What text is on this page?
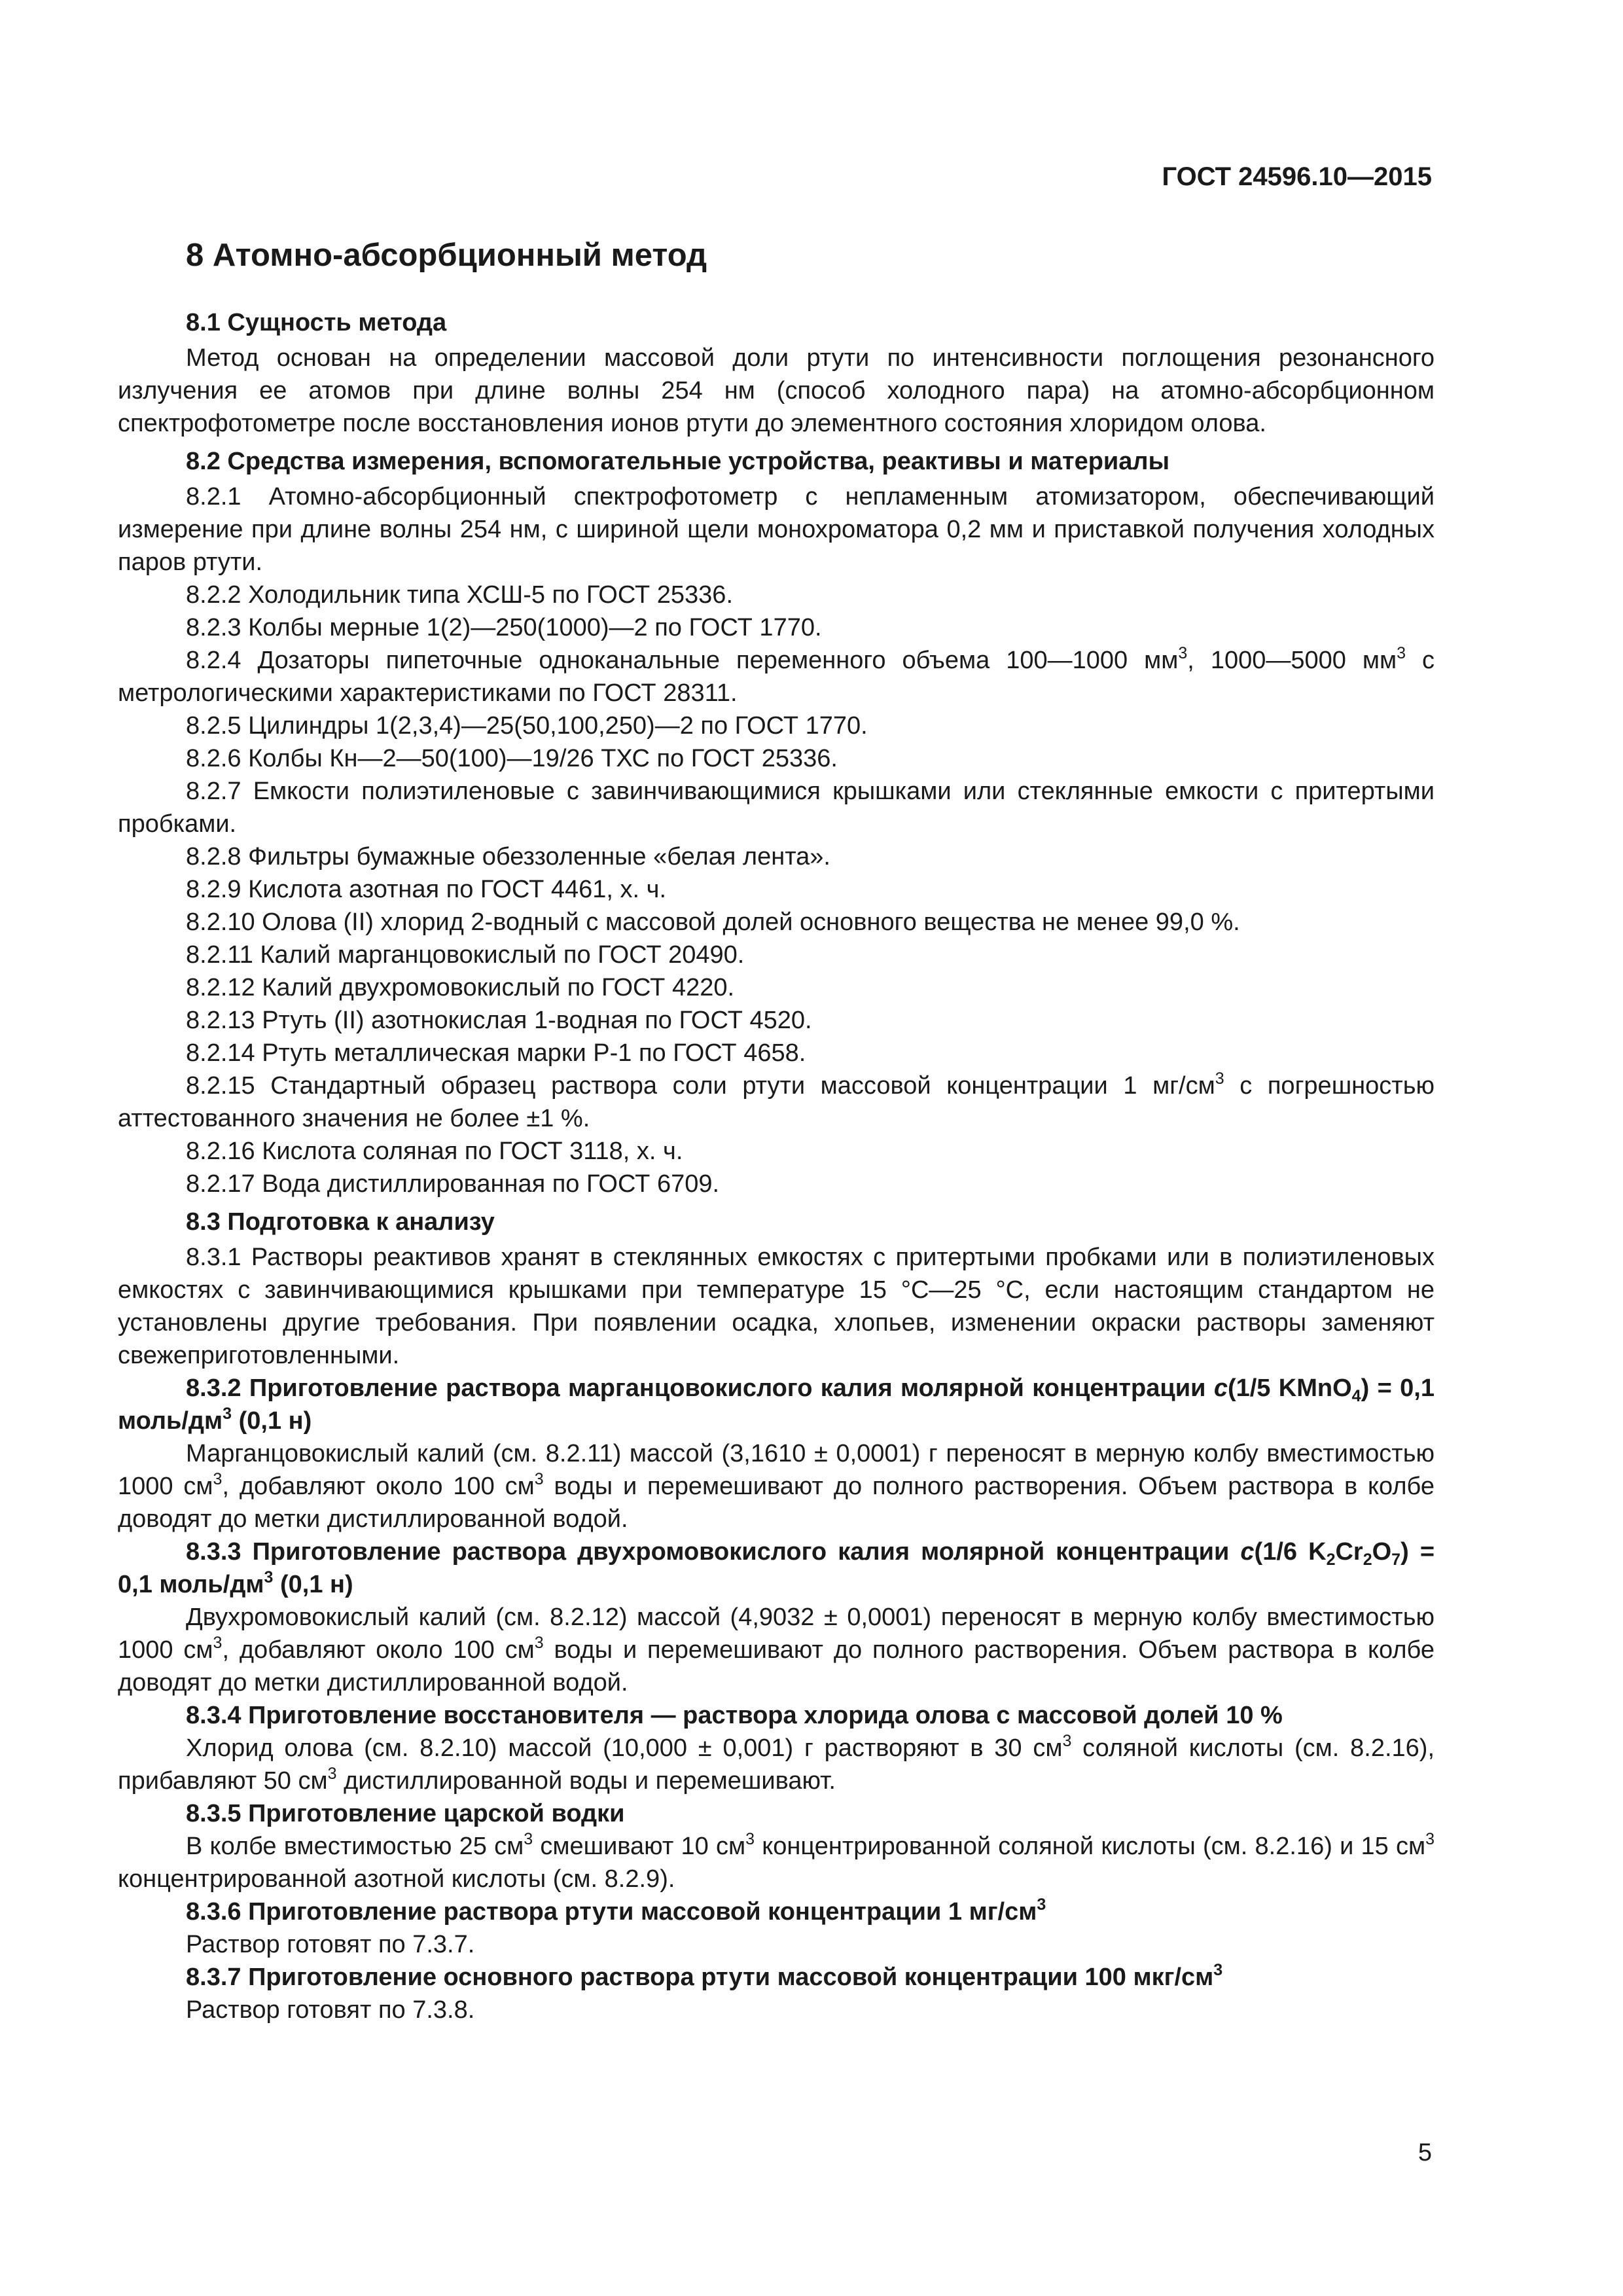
ГОСТ 24596.10—2015
8 Атомно-абсорбционный метод
8.1 Сущность метода

Метод основан на определении массовой доли ртути по интенсивности поглощения резонансного излучения ее атомов при длине волны 254 нм (способ холодного пара) на атомно-абсорбционном спектрофотометре после восстановления ионов ртути до элементного состояния хлоридом олова.

8.2 Средства измерения, вспомогательные устройства, реактивы и материалы

8.2.1 Атомно-абсорбционный спектрофотометр с непламенным атомизатором, обеспечивающий измерение при длине волны 254 нм, с шириной щели монохроматора 0,2 мм и приставкой получения холодных паров ртути.

8.2.2 Холодильник типа ХСШ-5 по ГОСТ 25336.

8.2.3 Колбы мерные 1(2)—250(1000)—2 по ГОСТ 1770.

8.2.4 Дозаторы пипеточные одноканальные переменного объема 100—1000 $мм^3$, 1000—5000 $мм^3$ с метрологическими характеристиками по ГОСТ 28311.

8.2.5 Цилиндры 1(2,3,4)—25(50,100,250)—2 по ГОСТ 1770.

8.2.6 Колбы Кн—2—50(100)—19/26 ТХС по ГОСТ 25336.

8.2.7 Емкости полиэтиленовые с завинчивающимися крышками или стеклянные емкости с притертыми пробками.

8.2.8 Фильтры бумажные обеззоленные «белая лента».

8.2.9 Кислота азотная по ГОСТ 4461, х. ч.

8.2.10 Олова (II) хлорид 2-водный с массовой долей основного вещества не менее 99,0 %.

8.2.11 Калий марганцовокислый по ГОСТ 20490.

8.2.12 Калий двухромовокислый по ГОСТ 4220.

8.2.13 Ртуть (II) азотнокислая 1-водная по ГОСТ 4520.

8.2.14 Ртуть металлическая марки Р-1 по ГОСТ 4658.

8.2.15 Стандартный образец раствора соли ртути массовой концентрации 1 $мг/см^3$ с погрешностью аттестованного значения не более ±1 %.

8.2.16 Кислота соляная по ГОСТ 3118, х. ч.

8.2.17 Вода дистиллированная по ГОСТ 6709.

8.3 Подготовка к анализу

8.3.1 Растворы реактивов хранят в стеклянных емкостях с притертыми пробками или в полиэтиленовых емкостях с завинчивающимися крышками при температуре 15 °С—25 °С, если настоящим стандартом не установлены другие требования. При появлении осадка, хлопьев, изменении окраски растворы заменяют свежеприготовленными.

8.3.2 Приготовление раствора марганцовокислого калия молярной концентрации c(1/5 KMnO$_4$) = 0,1 моль/$дм^3$ (0,1 н)

Марганцовокислый калий (см. 8.2.11) массой (3,1610 ± 0,0001) г переносят в мерную колбу вместимостью 1000 $см^3$, добавляют около 100 $см^3$ воды и перемешивают до полного растворения. Объем раствора в колбе доводят до метки дистиллированной водой.

8.3.3 Приготовление раствора двухромовокислого калия молярной концентрации c(1/6 $K_2Cr_2O_7) = 0,1$ моль/$дм^3$ (0,1 н)

Двухромовокислый калий (см. 8.2.12) массой (4,9032 ± 0,0001) переносят в мерную колбу вместимостью 1000 $см^3$, добавляют около 100 $см^3$ воды и перемешивают до полного растворения. Объем раствора в колбе доводят до метки дистиллированной водой.

8.3.4 Приготовление восстановителя — раствора хлорида олова с массовой долей 10 %

Хлорид олова (см. 8.2.10) массой (10,000 ± 0,001) г растворяют в 30 $см^3$ соляной кислоты (см. 8.2.16), прибавляют 50 $см^3$ дистиллированной воды и перемешивают.

8.3.5 Приготовление царской водки

В колбе вместимостью 25 $см^3$ смешивают 10 $см^3$ концентрированной соляной кислоты (см. 8.2.16) и 15 $см^3$ концентрированной азотной кислоты (см. 8.2.9).

8.3.6 Приготовление раствора ртути массовой концентрации 1 $мг/см^3$

Раствор готовят по 7.3.7.

8.3.7 Приготовление основного раствора ртути массовой концентрации 100 мкг/$см^3$

Раствор готовят по 7.3.8.

5
